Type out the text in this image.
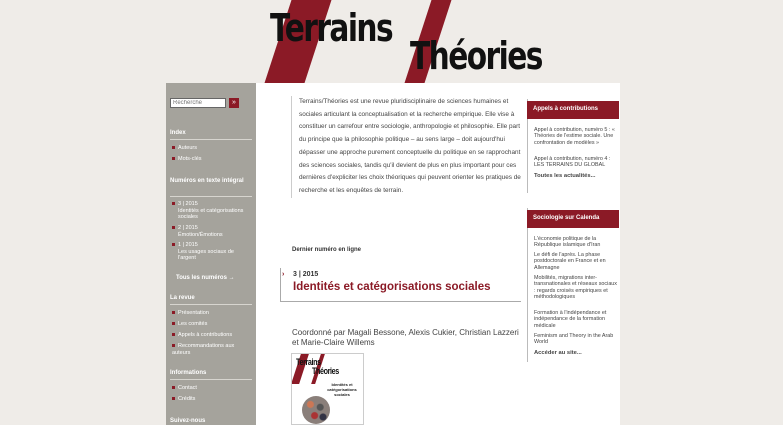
Terrains
Théories
Recherche
»
Index
Auteurs
Mots-clés
Numéros en texte intégral
3 | 2015
Identités et catégorisations sociales
2 | 2015
Émotion/Émotions
1 | 2015
Les usages sociaux de l'argent
Tous les numéros →
La revue
Présentation
Les comités
Appels à contributions
Recommandations aux auteurs
Informations
Contact
Crédits
Suivez-nous
Terrains/Théories est une revue pluridisciplinaire de sciences humaines et sociales articulant la conceptualisation et la recherche empirique. Elle vise à constituer un carrefour entre sociologie, anthropologie et philosophie. Elle part du principe que la philosophie politique – au sens large – doit aujourd'hui dépasser une approche purement conceptuelle du politique en se rapprochant des sciences sociales, tandis qu'il devient de plus en plus important pour ces dernières d'expliciter les choix théoriques qui peuvent orienter les pratiques de recherche et les enquêtes de terrain.
Dernier numéro en ligne
› 3 | 2015
Identités et catégorisations sociales
Coordonné par Magali Bessone, Alexis Cukier, Christian Lazzeri et Marie-Claire Willems
Terrains
Théories
Identités et catégorisations sociales
Appels à contributions
Appel à contribution, numéro 5 : « Théories de l'estime sociale. Une confrontation de modèles »
Appel à contribution, numéro 4 : LES TERRAINS DU GLOBAL
Toutes les actualités...
Sociologie sur Calenda
L'économie politique de la République islamique d'Iran
Le défi de l'après. La phase postdoctorale en France et en Allemagne
Mobilités, migrations inter-transnationales et réseaux sociaux : regards croisés empiriques et méthodologiques
Formation à l'indépendance et indépendance de la formation médicale
Feminism and Theory in the Arab World
Accéder au site...
